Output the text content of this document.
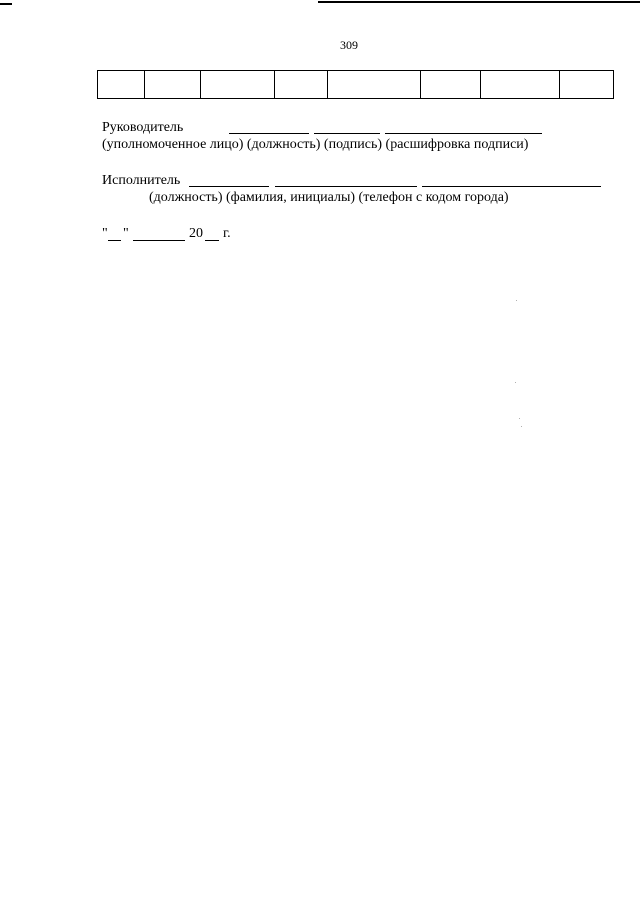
309

Руководитель
(уполномоченное лицо) (должность) (подпись) (расшифровка подписи)
Исполнитель
(должность) (фамилия, инициалы) (телефон с кодом города)
" "	20 г.
